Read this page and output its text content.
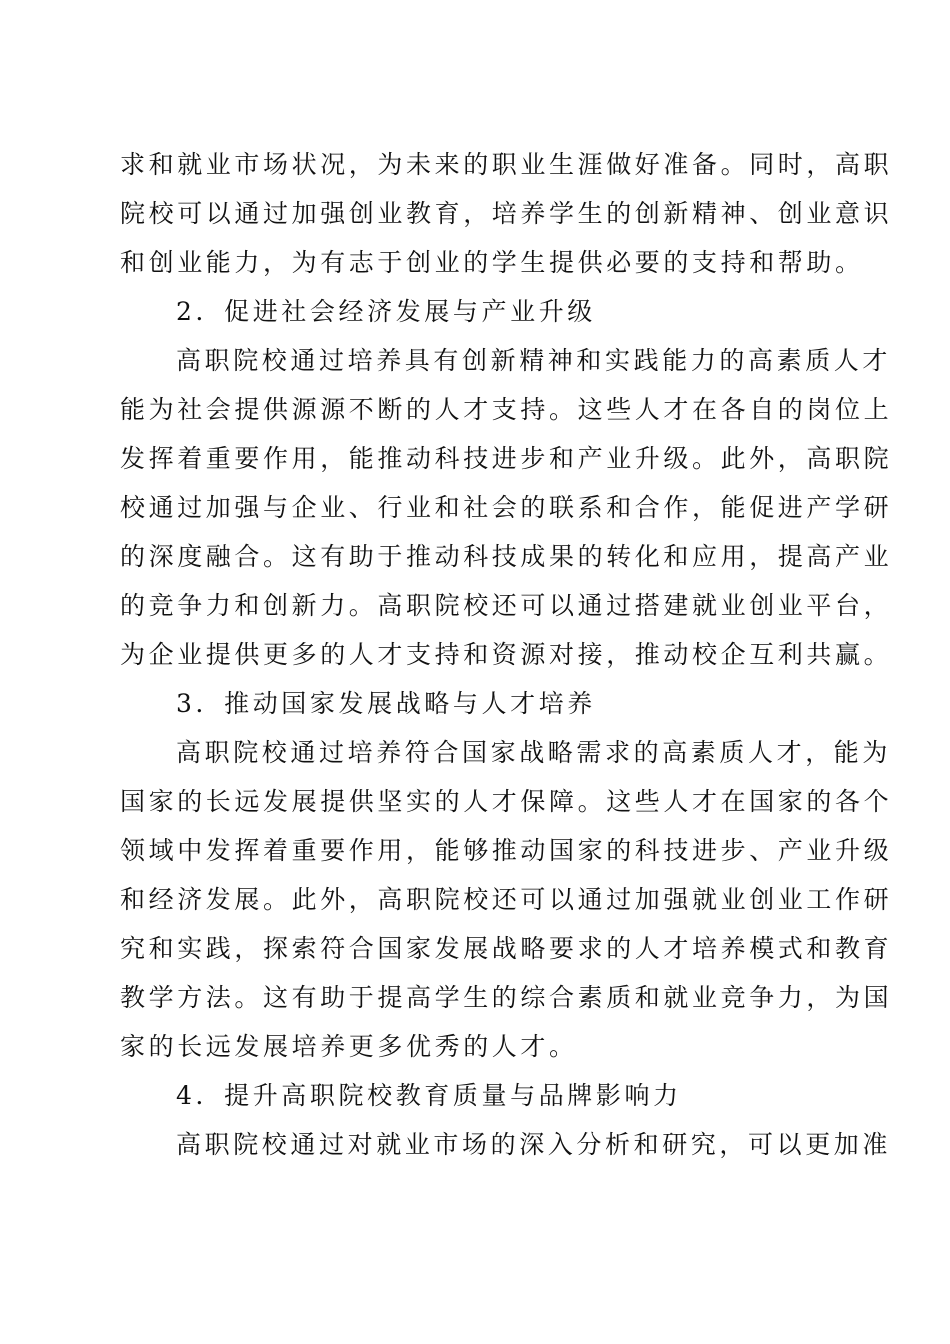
求和就业市场状况，为未来的职业生涯做好准备。同时，高职
院校可以通过加强创业教育，培养学生的创新精神、创业意识
和创业能力，为有志于创业的学生提供必要的支持和帮助。
2．促进社会经济发展与产业升级
高职院校通过培养具有创新精神和实践能力的高素质人才
能为社会提供源源不断的人才支持。这些人才在各自的岗位上
发挥着重要作用，能推动科技进步和产业升级。此外，高职院
校通过加强与企业、行业和社会的联系和合作，能促进产学研
的深度融合。这有助于推动科技成果的转化和应用，提高产业
的竞争力和创新力。高职院校还可以通过搭建就业创业平台，
为企业提供更多的人才支持和资源对接，推动校企互利共赢。
3．推动国家发展战略与人才培养
高职院校通过培养符合国家战略需求的高素质人才，能为
国家的长远发展提供坚实的人才保障。这些人才在国家的各个
领域中发挥着重要作用，能够推动国家的科技进步、产业升级
和经济发展。此外，高职院校还可以通过加强就业创业工作研
究和实践，探索符合国家发展战略要求的人才培养模式和教育
教学方法。这有助于提高学生的综合素质和就业竞争力，为国
家的长远发展培养更多优秀的人才。
4．提升高职院校教育质量与品牌影响力
高职院校通过对就业市场的深入分析和研究，可以更加准
